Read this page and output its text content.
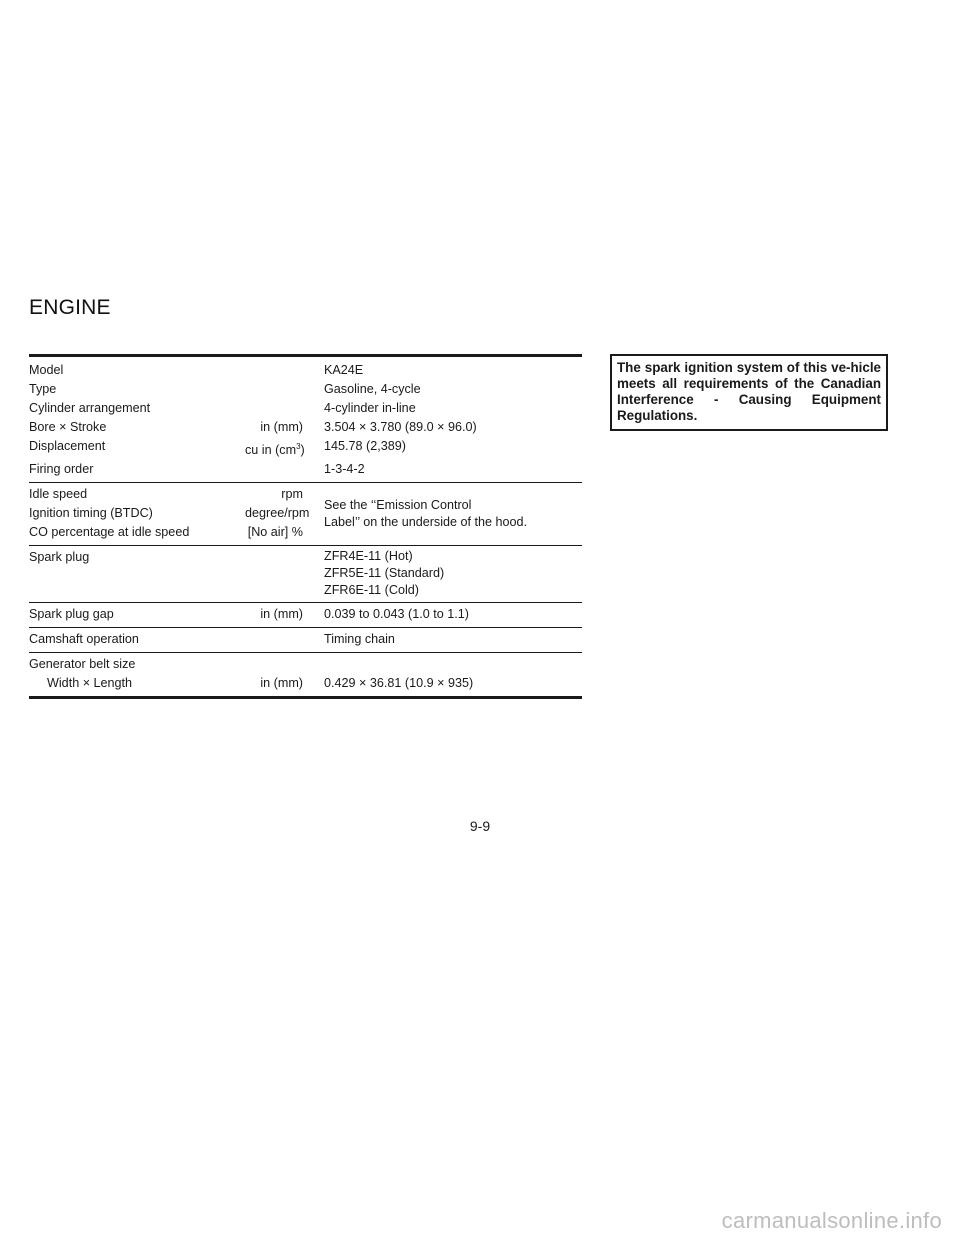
ENGINE
Model	KA24E
Type	Gasoline, 4-cycle
Cylinder arrangement	4-cylinder in-line
Bore × Stroke	in (mm) 3.504 × 3.780 (89.0 × 96.0)
Displacement	cu in $(cm^3)$ 145.78 (2,389)
Firing order	1-3-4-2
Idle speed	rpm
Ignition timing (BTDC)	degree/rpm
CO percentage at idle speed	[No air] %
See the ‘‘Emission Control
Label’’ on the underside of the hood.
Spark plug	ZFR4E-11 (Hot)
ZFR5E-11 (Standard)
ZFR6E-11 (Cold)
Spark plug gap	in (mm) 0.039 to 0.043 (1.0 to 1.1)
Camshaft operation	Timing chain
Generator belt size
Width × Length	in (mm) 0.429 × 36.81 (10.9 × 935)
The spark ignition system of this ve-hicle meets all requirements of the Canadian Interference - Causing Equipment Regulations.
9-9
carmanualsonline.info
